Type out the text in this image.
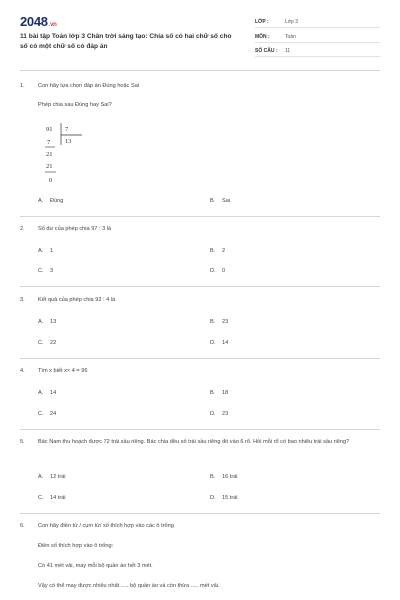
2048.vn
11 bài tập Toán lớp 3 Chân trời sáng tạo: Chia số có hai chữ số cho số có một chữ số có đáp án
LỚP :	Lớp 3
MÔN :	Toán
SỐ CÂU : 11
1. Con hãy lựa chọn đáp án Đúng hoặc Sai
Phép chia sau Đúng hay Sai?
91 7
13
7
21
21
0
A. Đúng	B. Sai
2. Số dư của phép chia 97 : 3 là
A. 1	B. 2
C. 3	D. 0
3. Kết quả của phép chia 92 : 4 là
A. 13	B. 23
C. 22	D. 14
4. Tìm x biết x× 4 = 96
A. 14	B. 18
C. 24	D. 23
5. Bác Nam thu hoạch được 72 trái sầu riêng. Bác chia đều số trái sầu riêng đó vào 6 rổ. Hỏi mỗi rổ có bao nhiêu trái sầu riêng?
A. 12 trái	B. 16 trái
C. 14 trái	D. 15 trái
6. Con hãy điền từ / cụm từ/ số thích hợp vào các ô trống
Điền số thích hợp vào ô trống:
Có 41 mét vải, may mỗi bộ quần áo hết 3 mét.
Vậy có thể may được nhiều nhất ..... bộ quần áo và còn thừa ..... mét vải.
